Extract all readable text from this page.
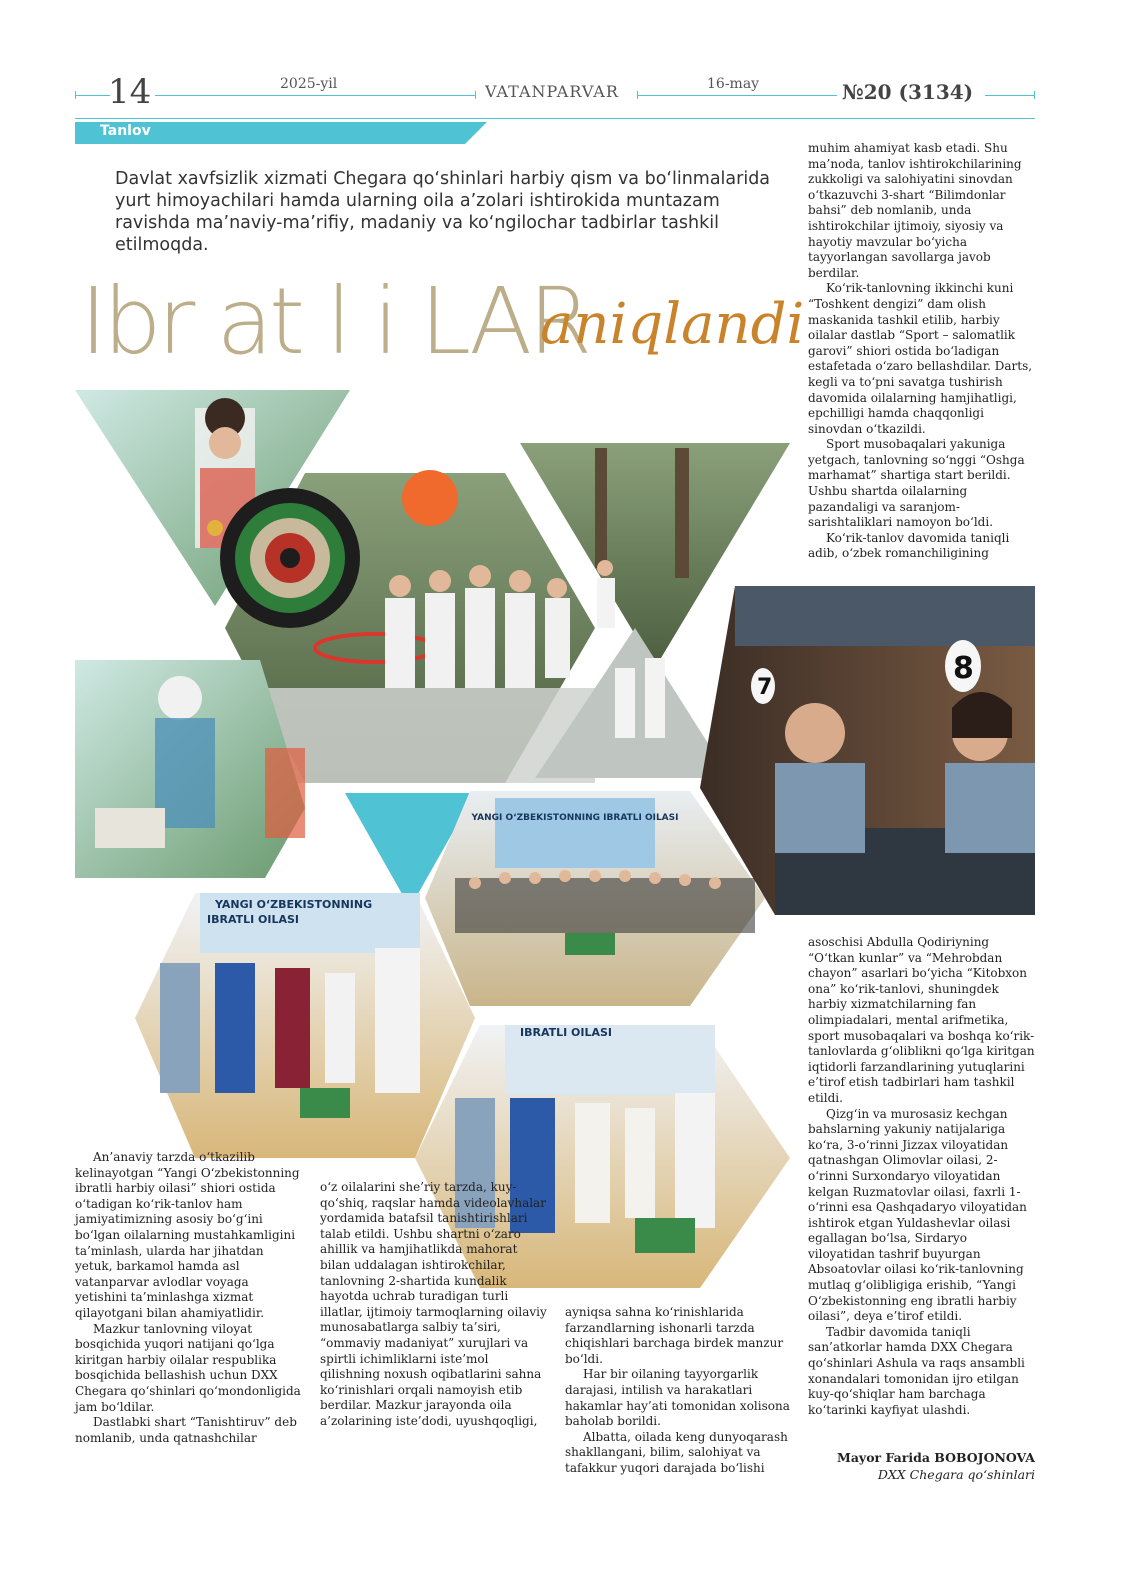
14	2025-yil	VATANPARVAR	16-may	№20 (3134)
Tanlov
Davlat xavfsizlik xizmati Chegara qo‘shinlari harbiy qism va bo‘linmalarida yurt himoyachilari hamda ularning oila a’zolari ishtirokida muntazam ravishda ma’naviy-ma’rifiy, madaniy va ko‘ngilochar tadbirlar tashkil etilmoqda.
Ibr at l i LAR
aniqlandi

muhim ahamiyat kasb etadi. Shu ma’noda, tanlov ishtirokchilarining zukkoligi va salohiyatini sinovdan o‘tkazuvchi 3-shart “Bilimdonlar bahsi” deb nomlanib, unda ishtirokchilar ijtimoiy, siyosiy va hayotiy mavzular bo‘yicha tayyorlangan savollarga javob berdilar.

Ko‘rik-tanlovning ikkinchi kuni “Toshkent dengizi” dam olish maskanida tashkil etilib, harbiy oilalar dastlab “Sport – salomatlik garovi” shiori ostida bo‘ladigan estafetada o‘zaro bellashdilar. Darts, kegli va to‘pni savatga tushirish davomida oilalarning hamjihatligi, epchilligi hamda chaqqonligi sinovdan o‘tkazildi.

Sport musobaqalari yakuniga yetgach, tanlovning so‘nggi “Oshga marhamat” shartiga start berildi. Ushbu shartda oilalarning pazandaligi va saranjom-sarishtaliklari namoyon bo‘ldi.

Ko‘rik-tanlov davomida taniqli adib, o‘zbek romanchiligining

7
8
YANGI O‘ZBEKISTONNING IBRATLI OILASI
YANGI O‘ZBEKISTONNING
IBRATLI OILASI
IBRATLI OILASI

asoschisi Abdulla Qodiriyning “O‘tkan kunlar” va “Mehrobdan chayon” asarlari bo‘yicha “Kitobxon ona” ko‘rik-tanlovi, shuningdek harbiy xizmatchilarning fan olimpiadalari, mental arifmetika, sport musobaqalari va boshqa ko‘rik-tanlovlarda g‘oliblikni qo‘lga kiritgan iqtidorli farzandlarining yutuqlarini e’tirof etish tadbirlari ham tashkil etildi.

Qizg‘in va murosasiz kechgan bahslarning yakuniy natijalariga ko‘ra, 3-o‘rinni Jizzax viloyatidan qatnashgan Olimovlar oilasi, 2-o‘rinni Surxondaryo viloyatidan kelgan Ruzmatovlar oilasi, faxrli 1-o‘rinni esa Qashqadaryo viloyatidan ishtirok etgan Yuldashevlar oilasi egallagan bo‘lsa, Sirdaryo viloyatidan tashrif buyurgan Absoatovlar oilasi ko‘rik-tanlovning mutlaq g‘olibligiga erishib, “Yangi O‘zbekistonning eng ibratli harbiy oilasi”, deya e’tirof etildi.

Tadbir davomida taniqli san’atkorlar hamda DXX Chegara qo‘shinlari Ashula va raqs ansambli xonandalari tomonidan ijro etilgan kuy-qo‘shiqlar ham barchaga ko‘tarinki kayfiyat ulashdi.

An’anaviy tarzda o‘tkazilib kelinayotgan “Yangi O‘zbekistonning ibratli harbiy oilasi” shiori ostida o‘tadigan ko‘rik-tanlov ham jamiyatimizning asosiy bo‘g‘ini bo‘lgan oilalarning mustahkamligini ta’minlash, ularda har jihatdan yetuk, barkamol hamda asl vatanparvar avlodlar voyaga yetishini ta’minlashga xizmat qilayotgani bilan ahamiyatlidir.

Mazkur tanlovning viloyat bosqichida yuqori natijani qo‘lga kiritgan harbiy oilalar respublika bosqichida bellashish uchun DXX Chegara qo‘shinlari qo‘mondonligida jam bo‘ldilar.

Dastlabki shart “Tanishtiruv” deb nomlanib, unda qatnashchilar

o‘z oilalarini she’riy tarzda, kuy-qo‘shiq, raqslar hamda videolavhalar yordamida batafsil tanishtirishlari talab etildi. Ushbu shartni o‘zaro ahillik va hamjihatlikda mahorat bilan uddalagan ishtirokchilar, tanlovning 2-shartida kundalik hayotda uchrab turadigan turli illatlar, ijtimoiy tarmoqlarning oilaviy munosabatlarga salbiy ta’siri, “ommaviy madaniyat” xurujlari va spirtli ichimliklarni iste’mol qilishning noxush oqibatlarini sahna ko‘rinishlari orqali namoyish etib berdilar. Mazkur jarayonda oila a’zolarining iste’dodi, uyushqoqligi,

ayniqsa sahna ko‘rinishlarida farzandlarning ishonarli tarzda chiqishlari barchaga birdek manzur bo‘ldi.

Har bir oilaning tayyorgarlik darajasi, intilish va harakatlari hakamlar hay’ati tomonidan xolisona baholab borildi.

Albatta, oilada keng dunyoqarash shakllangani, bilim, salohiyat va tafakkur yuqori darajada bo‘lishi

Mayor Farida BOBOJONOVA
DXX Chegara qo‘shinlari
